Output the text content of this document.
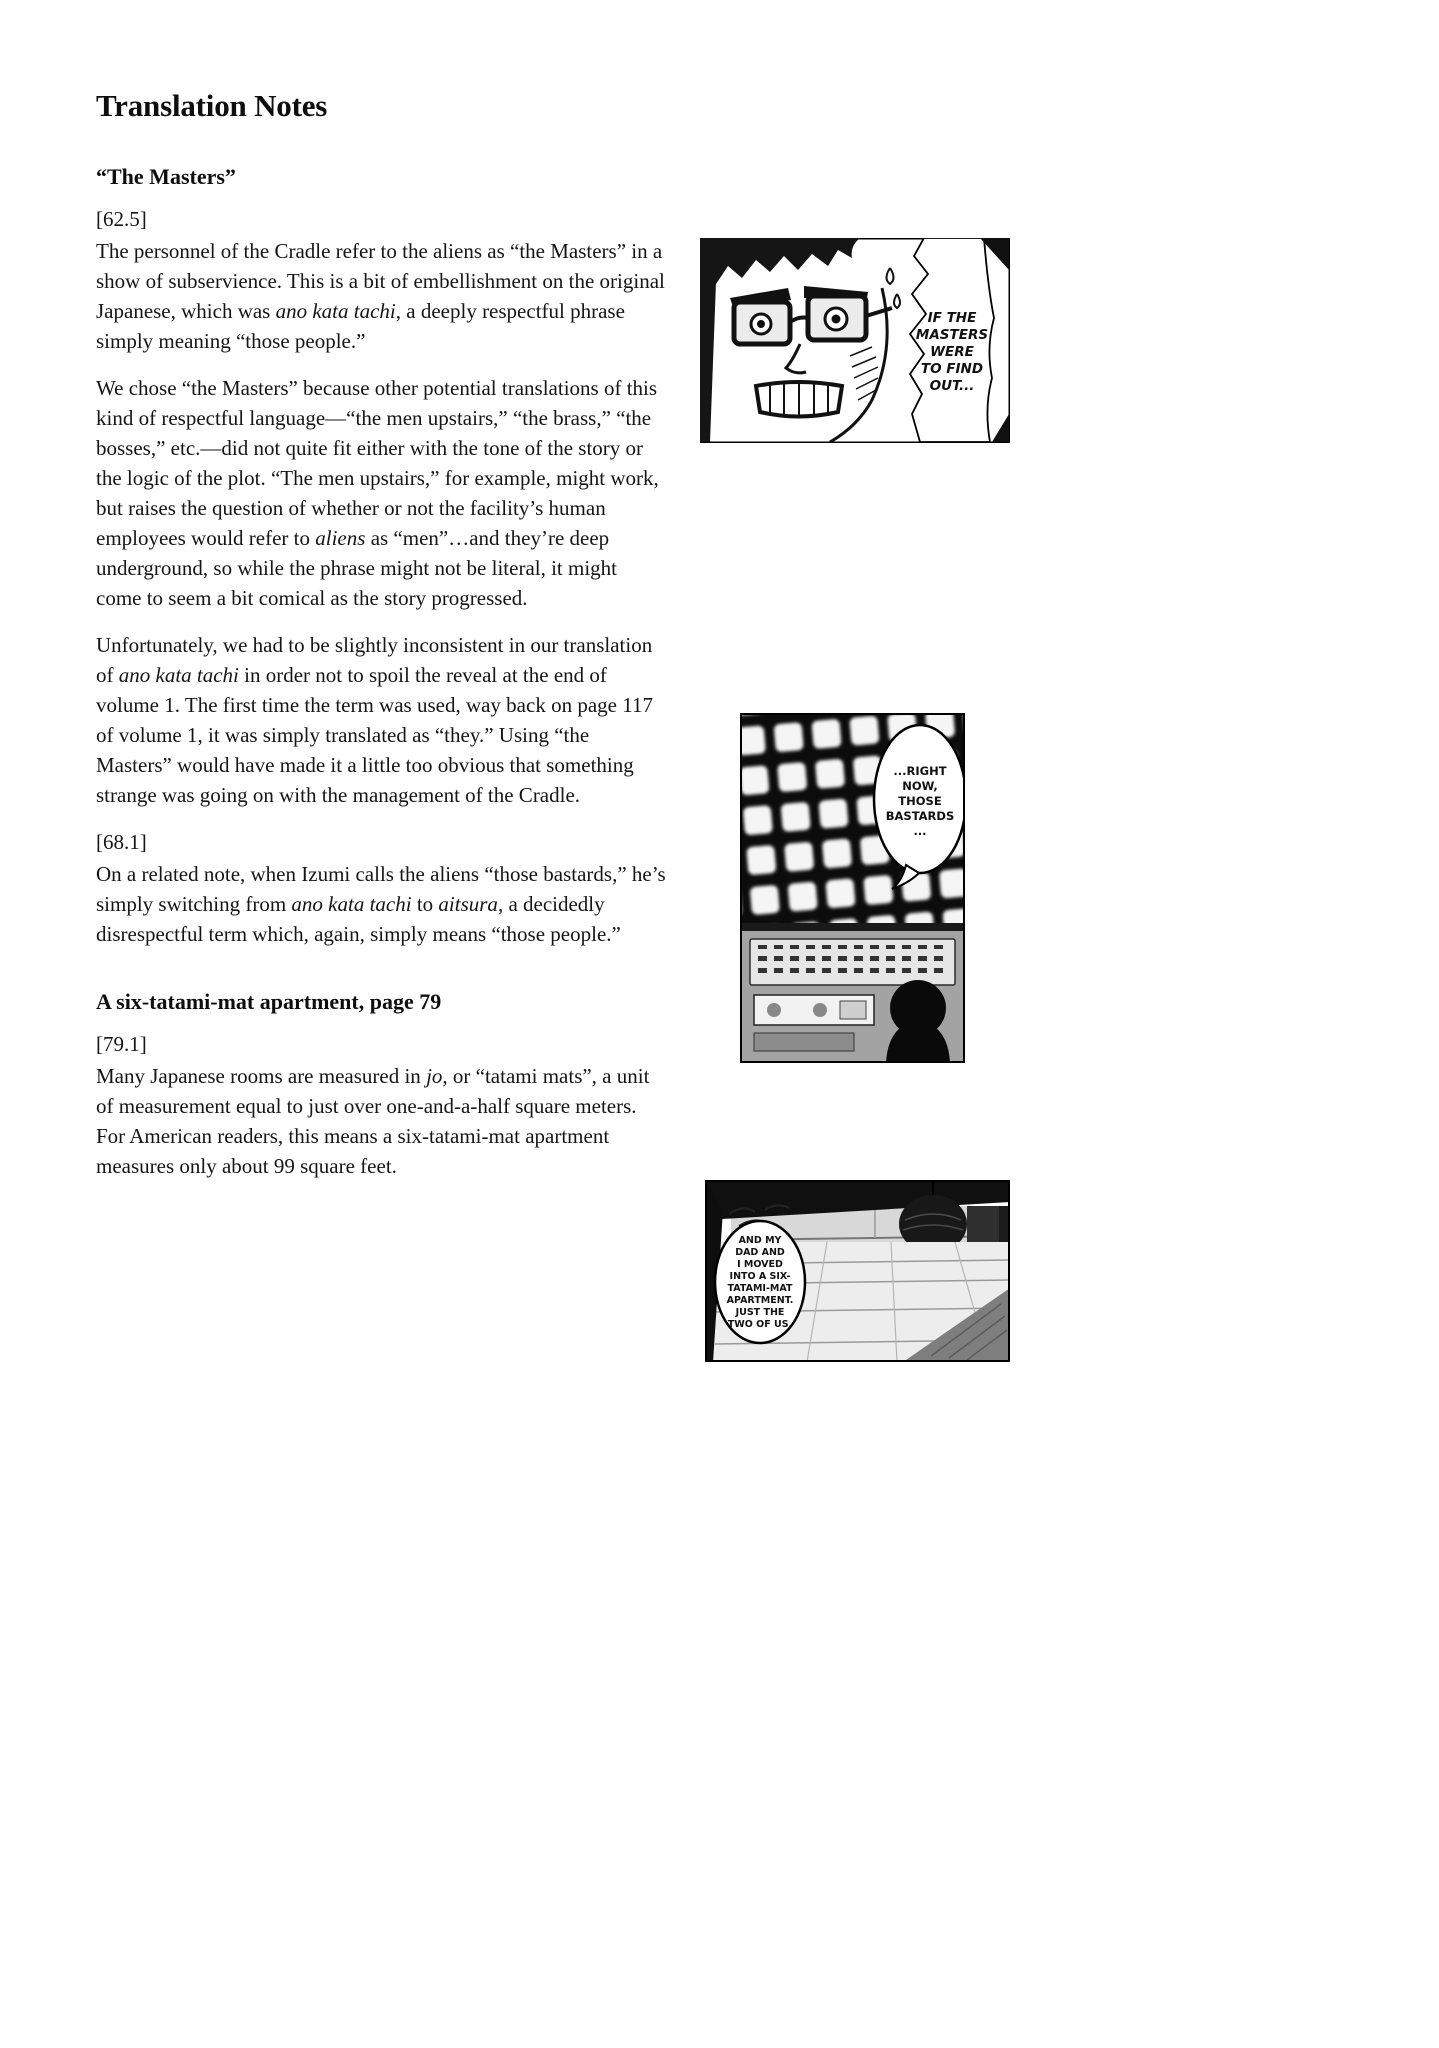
Translation Notes
“The Masters”
[62.5]

The personnel of the Cradle refer to the aliens as “the Masters” in a show of subservience. This is a bit of embellishment on the original Japanese, which was ano kata tachi, a deeply respectful phrase simply meaning “those people.”

We chose “the Masters” because other potential translations of this kind of respectful language—“the men upstairs,” “the brass,” “the bosses,” etc.—did not quite fit either with the tone of the story or the logic of the plot. “The men upstairs,” for example, might work, but raises the question of whether or not the facility’s human employees would refer to aliens as “men”…and they’re deep underground, so while the phrase might not be literal, it might come to seem a bit comical as the story progressed.

Unfortunately, we had to be slightly inconsistent in our translation of ano kata tachi in order not to spoil the reveal at the end of volume 1. The first time the term was used, way back on page 117 of volume 1, it was simply translated as “they.” Using “the Masters” would have made it a little too obvious that something strange was going on with the management of the Cradle.

[68.1]

On a related note, when Izumi calls the aliens “those bastards,” he’s simply switching from ano kata tachi to aitsura, a decidedly disrespectful term which, again, simply means “those people.”

A six-tatami-mat apartment, page 79
[79.1]

Many Japanese rooms are measured in jo, or “tatami mats”, a unit of measurement equal to just over one-and-a-half square meters. For American readers, this means a six-tatami-mat apartment measures only about 99 square feet.

IF THE
MASTERS
WERE
TO FIND
OUT...
...RIGHT
NOW,
THOSE
BASTARDS
...
AND MY
DAD AND
I MOVED
INTO A SIX-
TATAMI-MAT
APARTMENT.
JUST THE
TWO OF US.
